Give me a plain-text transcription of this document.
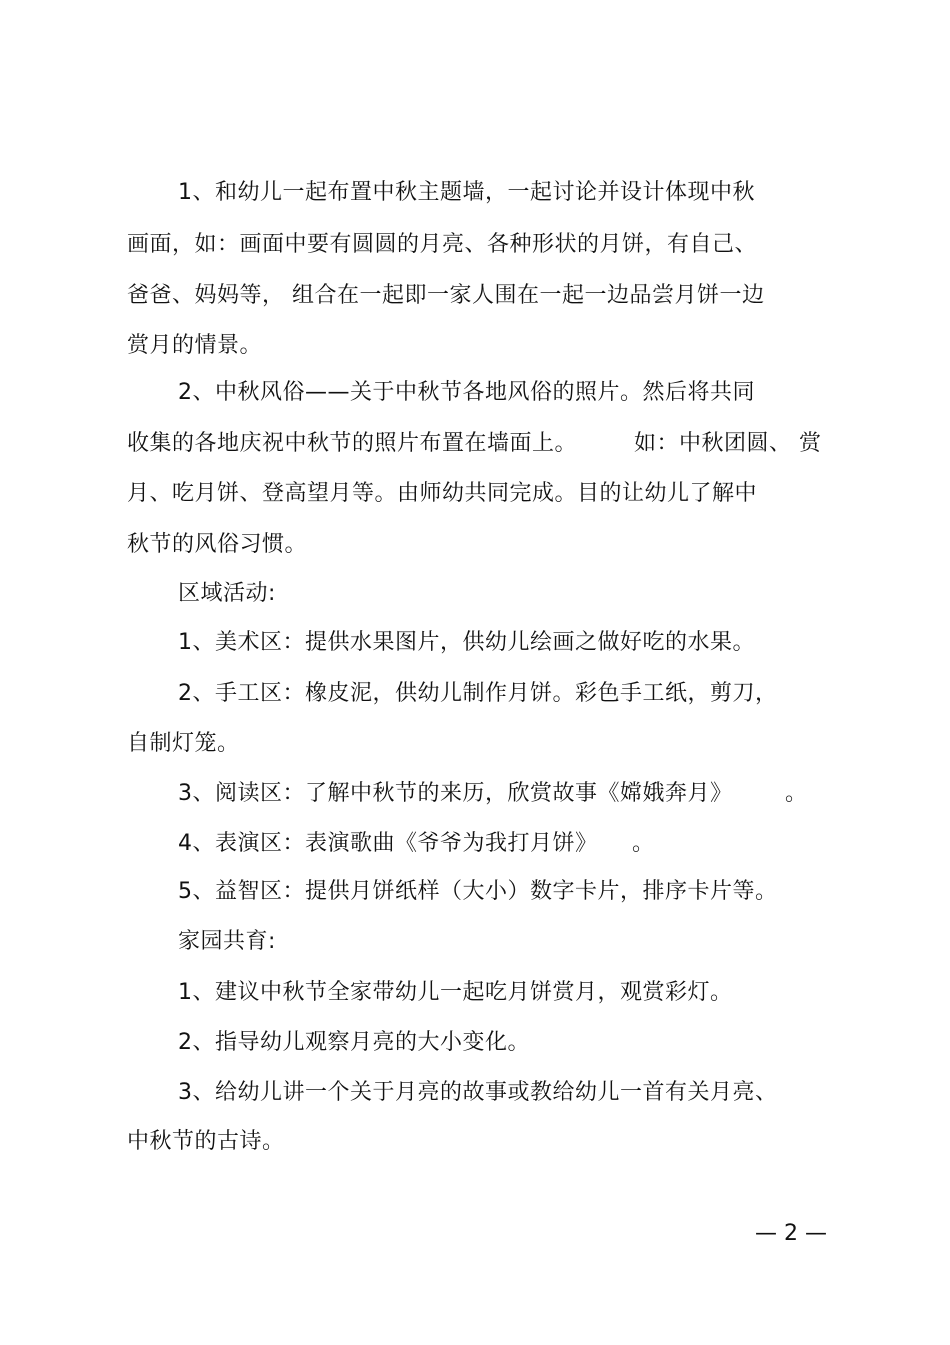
1、和幼儿一起布置中秋主题墙，一起讨论并设计体现中秋
画面，如：画面中要有圆圆的月亮、各种形状的月饼，有自己、
爸爸、妈妈等， 组合在一起即一家人围在一起一边品尝月饼一边
赏月的情景。
2、中秋风俗——关于中秋节各地风俗的照片。然后将共同
收集的各地庆祝中秋节的照片布置在墙面上。	如：中秋团圆、 赏
月、吃月饼、登高望月等。由师幼共同完成。目的让幼儿了解中
秋节的风俗习惯。
区域活动:
1、美术区：提供水果图片，供幼儿绘画之做好吃的水果。
2、手工区：橡皮泥，供幼儿制作月饼。彩色手工纸，剪刀，
自制灯笼。
3、阅读区：了解中秋节的来历，欣赏故事《嫦娥奔月》 。
4、表演区：表演歌曲《爷爷为我打月饼》 。
5、益智区：提供月饼纸样（大小）数字卡片，排序卡片等。
家园共育:
1、建议中秋节全家带幼儿一起吃月饼赏月，观赏彩灯。
2、指导幼儿观察月亮的大小变化。
3、给幼儿讲一个关于月亮的故事或教给幼儿一首有关月亮、
中秋节的古诗。
— 2 —
